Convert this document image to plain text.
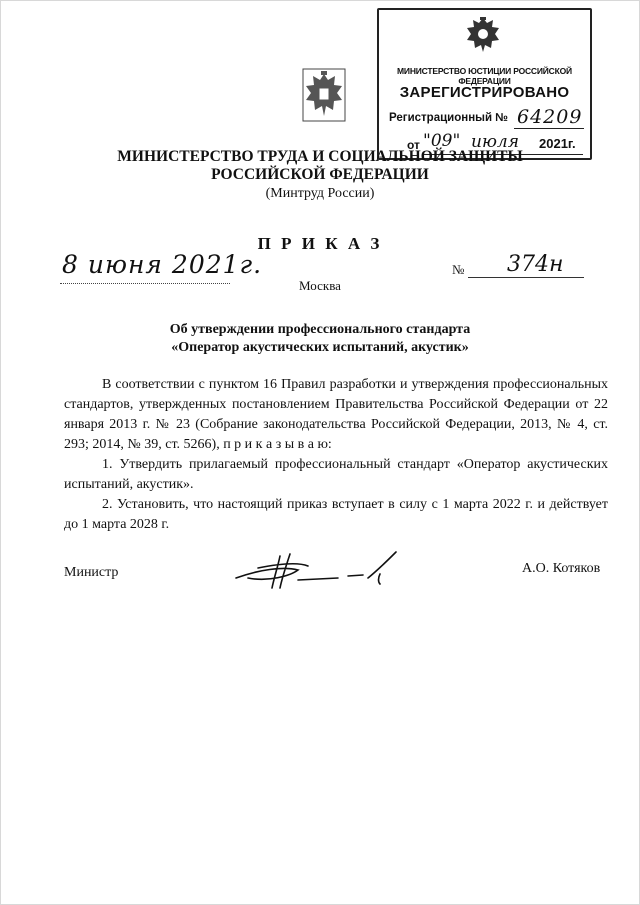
МИНИСТЕРСТВО ЮСТИЦИИ РОССИЙСКОЙ ФЕДЕРАЦИИ
ЗАРЕГИСТРИРОВАНО
Регистрационный № 64209
от "09" июля 2021г.
МИНИСТЕРСТВО ТРУДА И СОЦИАЛЬНОЙ ЗАЩИТЫ
РОССИЙСКОЙ ФЕДЕРАЦИИ
(Минтруд России)
П Р И К А З
8 июня 2021г.	№ 374н
Москва
Об утверждении профессионального стандарта
«Оператор акустических испытаний, акустик»

В соответствии с пунктом 16 Правил разработки и утверждения профессиональных стандартов, утвержденных постановлением Правительства Российской Федерации от 22 января 2013 г. № 23 (Собрание законодательства Российской Федерации, 2013, № 4, ст. 293; 2014, № 39, ст. 5266), п р и к а з ы в а ю:

1. Утвердить прилагаемый профессиональный стандарт «Оператор акустических испытаний, акустик».

2. Установить, что настоящий приказ вступает в силу с 1 марта 2022 г. и действует до 1 марта 2028 г.

Министр	А.О. Котяков
